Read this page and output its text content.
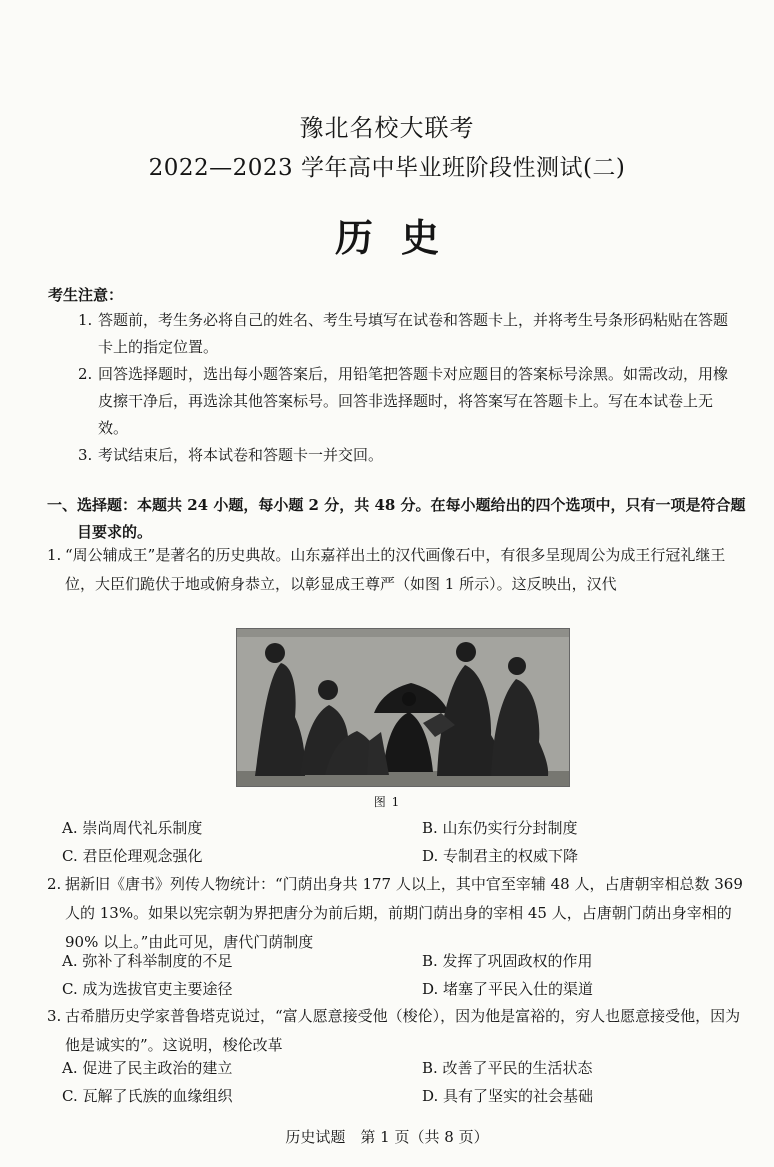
豫北名校大联考
2022—2023 学年高中毕业班阶段性测试(二)
历史
考生注意：
1. 答题前，考生务必将自己的姓名、考生号填写在试卷和答题卡上，并将考生号条形码粘贴在答题卡上的指定位置。
2. 回答选择题时，选出每小题答案后，用铅笔把答题卡对应题目的答案标号涂黑。如需改动，用橡皮擦干净后，再选涂其他答案标号。回答非选择题时，将答案写在答题卡上。写在本试卷上无效。
3. 考试结束后，将本试卷和答题卡一并交回。
一、 选择题：本题共 24 小题，每小题 2 分，共 48 分。在每小题给出的四个选项中，只有一项是符合题目要求的。
1. “周公辅成王”是著名的历史典故。山东嘉祥出土的汉代画像石中，有很多呈现周公为成王行冠礼继王位，大臣们跪伏于地或俯身恭立，以彰显成王尊严（如图 1 所示）。这反映出，汉代
图 1
A. 崇尚周代礼乐制度	B. 山东仍实行分封制度
C. 君臣伦理观念强化	D. 专制君主的权威下降
2. 据新旧《唐书》列传人物统计：“门荫出身共 177 人以上，其中官至宰辅 48 人，占唐朝宰相总数 369 人的 13%。如果以宪宗朝为界把唐分为前后期，前期门荫出身的宰相 45 人，占唐朝门荫出身宰相的 90% 以上。”由此可见，唐代门荫制度
A. 弥补了科举制度的不足	B. 发挥了巩固政权的作用
C. 成为选拔官吏主要途径	D. 堵塞了平民入仕的渠道
3. 古希腊历史学家普鲁塔克说过，“富人愿意接受他（梭伦），因为他是富裕的，穷人也愿意接受他，因为他是诚实的”。这说明，梭伦改革
A. 促进了民主政治的建立	B. 改善了平民的生活状态
C. 瓦解了氏族的血缘组织	D. 具有了坚实的社会基础
历史试题　第 1 页（共 8 页）
